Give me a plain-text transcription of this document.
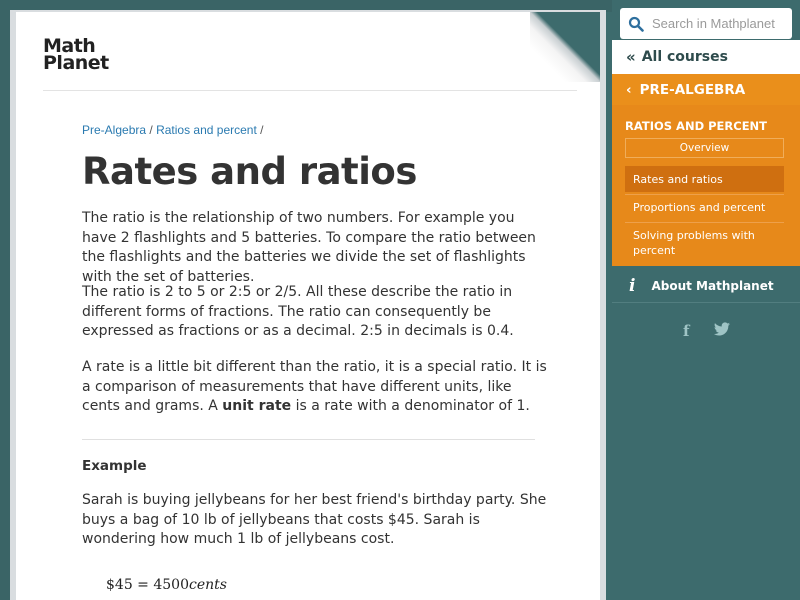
Math
Planet
Pre-Algebra / Ratios and percent /
Rates and ratios

The ratio is the relationship of two numbers. For example you have 2 flashlights and 5 batteries. To compare the ratio between the flashlights and the batteries we divide the set of flashlights with the set of batteries.

The ratio is 2 to 5 or 2:5 or 2/5. All these describe the ratio in different forms of fractions. The ratio can consequently be expressed as fractions or as a decimal. 2:5 in decimals is 0.4.

A rate is a little bit different than the ratio, it is a special ratio. It is a comparison of measurements that have different units, like cents and grams. A unit rate is a rate with a denominator of 1.

Example

Sarah is buying jellybeans for her best friend's birthday party. She buys a bag of 10 lb of jellybeans that costs $45. Sarah is wondering how much 1 lb of jellybeans cost.

$45 = 4500cents
Search in Mathplanet
« All courses
‹ PRE-ALGEBRA
RATIOS AND PERCENT
Overview
Rates and ratios
Proportions and percent
Solving problems with percent
i About Mathplanet
f
